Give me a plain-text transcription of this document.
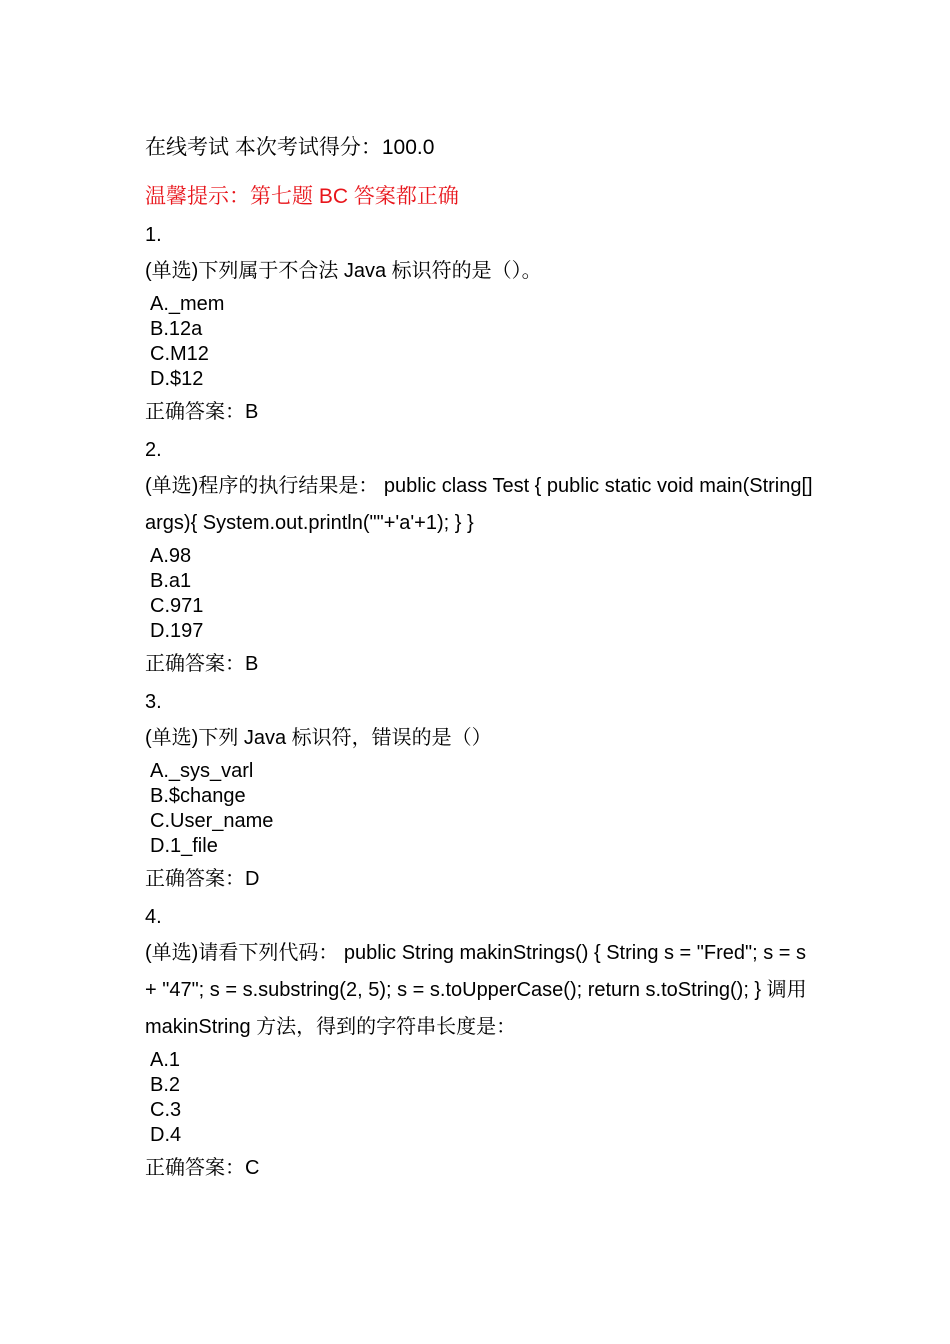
在线考试 本次考试得分：100.0
温馨提示：第七题 BC 答案都正确
1.
(单选)下列属于不合法 Java 标识符的是（）。
A._mem
B.12a
C.M12
D.$12
正确答案：B
2.
(单选)程序的执行结果是： public class Test { public static void main(String[] args){ System.out.println(""+'a'+1); } }
A.98
B.a1
C.971
D.197
正确答案：B
3.
(单选)下列 Java 标识符，错误的是（）
A._sys_varl
B.$change
C.User_name
D.1_file
正确答案：D
4.
(单选)请看下列代码： public String makinStrings() { String s = "Fred"; s = s + "47"; s = s.substring(2, 5); s = s.toUpperCase(); return s.toString(); } 调用 makinString 方法，得到的字符串长度是：
A.1
B.2
C.3
D.4
正确答案：C
